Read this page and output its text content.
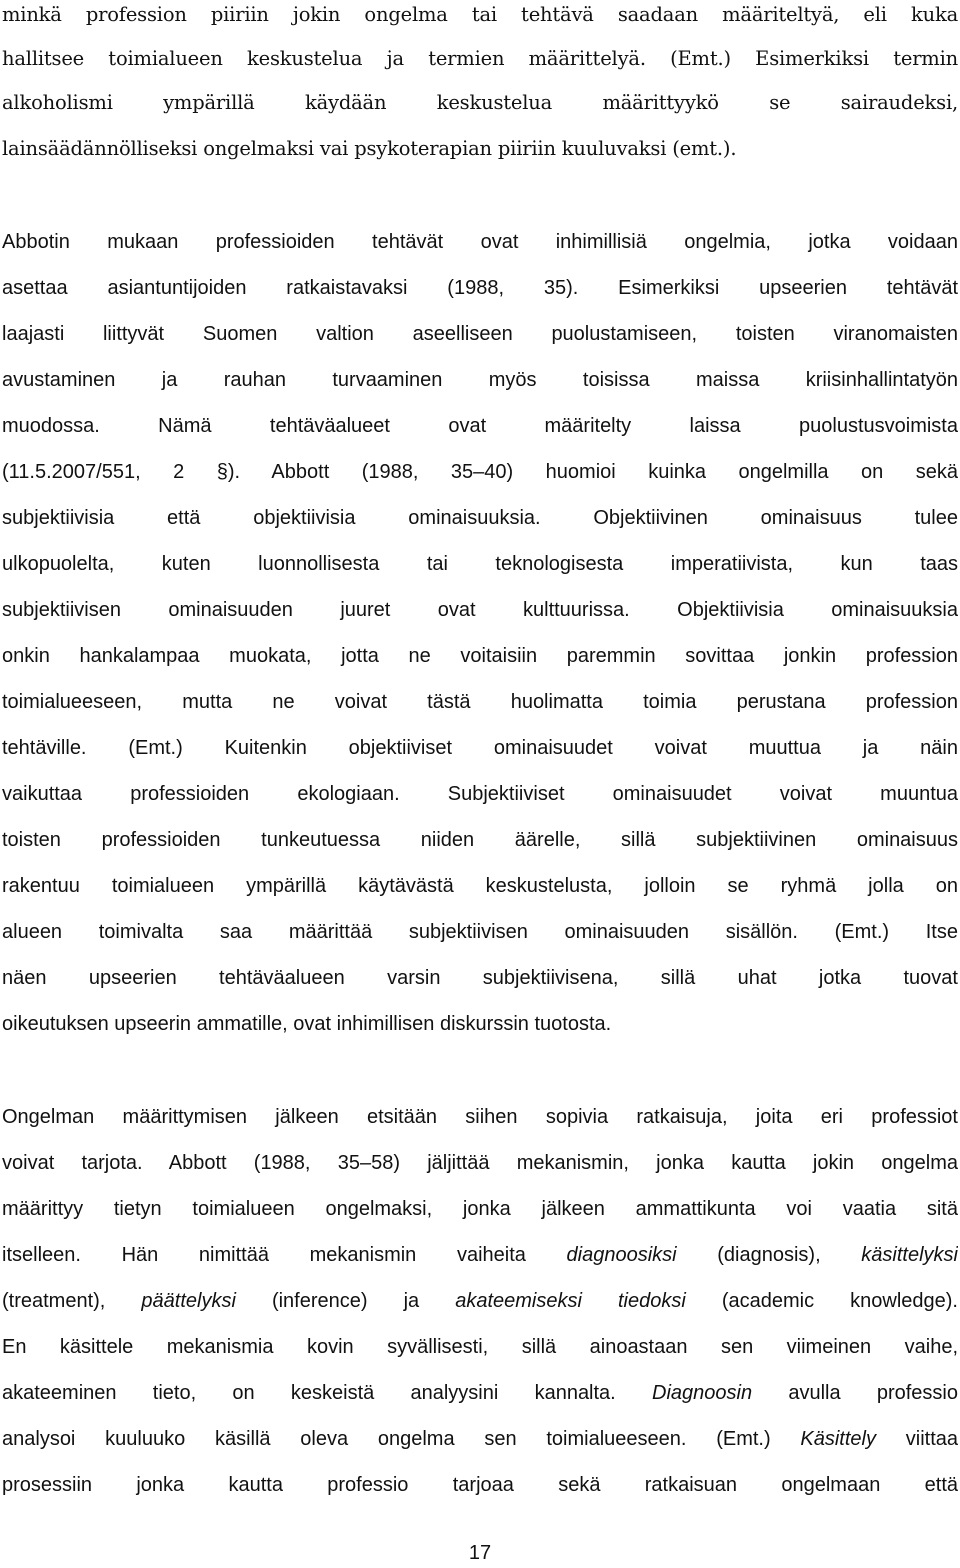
minkä profession piiriin jokin ongelma tai tehtävä saadaan määriteltyä, eli kuka
hallitsee toimialueen keskustelua ja termien määrittelyä. (Emt.) Esimerkiksi termin
alkoholismi ympärillä käydään keskustelua määrittyykö se sairaudeksi,
lainsäädännölliseksi ongelmaksi vai psykoterapian piiriin kuuluvaksi (emt.).
Abbotin mukaan professioiden tehtävät ovat inhimillisiä ongelmia, jotka voidaan
asettaa asiantuntijoiden ratkaistavaksi (1988, 35). Esimerkiksi upseerien tehtävät
laajasti liittyvät Suomen valtion aseelliseen puolustamiseen, toisten viranomaisten
avustaminen ja rauhan turvaaminen myös toisissa maissa kriisinhallintatyön
muodossa. Nämä tehtäväalueet ovat määritelty laissa puolustusvoimista
(11.5.2007/551, 2 §). Abbott (1988, 35–40) huomioi kuinka ongelmilla on sekä
subjektiivisia että objektiivisia ominaisuuksia. Objektiivinen ominaisuus tulee
ulkopuolelta, kuten luonnollisesta tai teknologisesta imperatiivista, kun taas
subjektiivisen ominaisuuden juuret ovat kulttuurissa. Objektiivisia ominaisuuksia
onkin hankalampaa muokata, jotta ne voitaisiin paremmin sovittaa jonkin profession
toimialueeseen, mutta ne voivat tästä huolimatta toimia perustana profession
tehtäville. (Emt.) Kuitenkin objektiiviset ominaisuudet voivat muuttua ja näin
vaikuttaa professioiden ekologiaan. Subjektiiviset ominaisuudet voivat muuntua
toisten professioiden tunkeutuessa niiden äärelle, sillä subjektiivinen ominaisuus
rakentuu toimialueen ympärillä käytävästä keskustelusta, jolloin se ryhmä jolla on
alueen toimivalta saa määrittää subjektiivisen ominaisuuden sisällön. (Emt.) Itse
näen upseerien tehtäväalueen varsin subjektiivisena, sillä uhat jotka tuovat
oikeutuksen upseerin ammatille, ovat inhimillisen diskurssin tuotosta.
Ongelman määrittymisen jälkeen etsitään siihen sopivia ratkaisuja, joita eri professiot
voivat tarjota. Abbott (1988, 35–58) jäljittää mekanismin, jonka kautta jokin ongelma
määrittyy tietyn toimialueen ongelmaksi, jonka jälkeen ammattikunta voi vaatia sitä
itselleen. Hän nimittää mekanismin vaiheita diagnoosiksi (diagnosis), käsittelyksi
(treatment), päättelyksi (inference) ja akateemiseksi tiedoksi (academic knowledge).
En käsittele mekanismia kovin syvällisesti, sillä ainoastaan sen viimeinen vaihe,
akateeminen tieto, on keskeistä analyysini kannalta. Diagnoosin avulla professio
analysoi kuuluuko käsillä oleva ongelma sen toimialueeseen. (Emt.) Käsittely viittaa
prosessiin jonka kautta professio tarjoaa sekä ratkaisuan ongelmaan että
17
